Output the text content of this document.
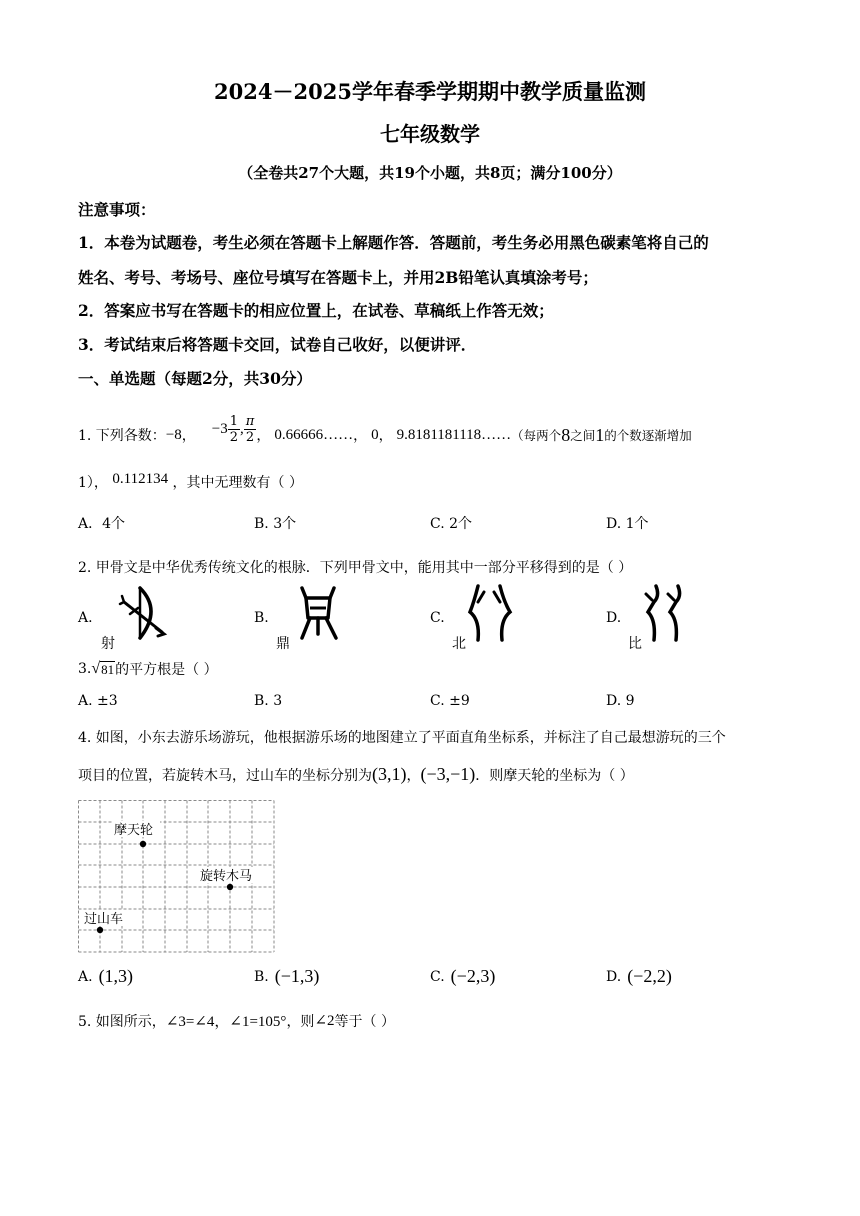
2024－2025学年春季学期期中教学质量监测
七年级数学
（全卷共27个大题，共19个小题，共8页；满分100分）
注意事项：
1．本卷为试题卷，考生必须在答题卡上解题作答．答题前，考生务必用黑色碳素笔将自己的
姓名、考号、考场号、座位号填写在答题卡上，并用2B铅笔认真填涂考号；
2．答案应书写在答题卡的相应位置上，在试卷、草稿纸上作答无效；
3．考试结束后将答题卡交回，试卷自己收好，以便讲评．
一、单选题（每题2分，共30分）
1. 下列各数： −8 ， $-3 \frac{1}{2}$ , $\frac{\pi}{2}$ ， 0.66666…… ， 0 ， 9.8181181118…… （每两个 8 之间 1 的个数逐渐增加
1）， 0.112134 ，其中无理数有（ ）
A．4个	B. 3个	C. 2个	D. 1个
2. 甲骨文是中华优秀传统文化的根脉．下列甲骨文中，能用其中一部分平移得到的是（ ）
A.
射
B.
鼎
C.
北
D.
比
3. √ 81 的平方根是（ ）
A. ±3	B. 3	C. ±9	D. 9
4. 如图，小东去游乐场游玩，他根据游乐场的地图建立了平面直角坐标系，并标注了自己最想游玩的三个
项目的位置，若旋转木马，过山车的坐标分别为 (3,1) ， (−3,−1) ．则摩天轮的坐标为（ ）
摩天轮
旋转木马
过山车
A. (1,3)	B. (−1,3)	C. (−2,3)	D. (−2,2)
5. 如图所示， ∠3=∠4，∠1=105° ，则 ∠2 等于（ ）
